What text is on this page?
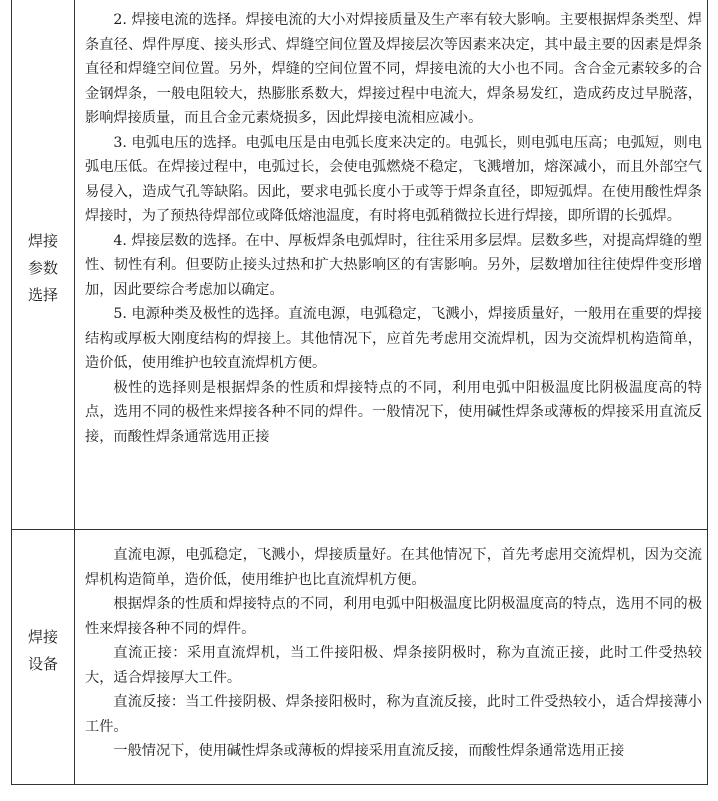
焊接
参数
选择

2. 焊接电流的选择。焊接电流的大小对焊接质量及生产率有较大影响。主要根据焊条类型、焊条直径、焊件厚度、接头形式、焊缝空间位置及焊接层次等因素来决定，其中最主要的因素是焊条直径和焊缝空间位置。另外，焊缝的空间位置不同，焊接电流的大小也不同。含合金元素较多的合金钢焊条，一般电阻较大，热膨胀系数大，焊接过程中电流大，焊条易发红，造成药皮过早脱落，影响焊接质量，而且合金元素烧损多，因此焊接电流相应减小。

3. 电弧电压的选择。电弧电压是由电弧长度来决定的。电弧长，则电弧电压高；电弧短，则电弧电压低。在焊接过程中，电弧过长，会使电弧燃烧不稳定，飞溅增加，熔深减小，而且外部空气易侵入，造成气孔等缺陷。因此，要求电弧长度小于或等于焊条直径，即短弧焊。在使用酸性焊条焊接时，为了预热待焊部位或降低熔池温度，有时将电弧稍微拉长进行焊接，即所谓的长弧焊。

4. 焊接层数的选择。在中、厚板焊条电弧焊时，往往采用多层焊。层数多些，对提高焊缝的塑性、韧性有利。但要防止接头过热和扩大热影响区的有害影响。另外，层数增加往往使焊件变形增加，因此要综合考虑加以确定。

5. 电源种类及极性的选择。直流电源，电弧稳定，飞溅小，焊接质量好，一般用在重要的焊接结构或厚板大刚度结构的焊接上。其他情况下，应首先考虑用交流焊机，因为交流焊机构造简单，造价低，使用维护也较直流焊机方便。

极性的选择则是根据焊条的性质和焊接特点的不同，利用电弧中阳极温度比阴极温度高的特点，选用不同的极性来焊接各种不同的焊件。一般情况下，使用碱性焊条或薄板的焊接采用直流反接，而酸性焊条通常选用正接

焊接
设备

直流电源，电弧稳定，飞溅小，焊接质量好。在其他情况下，首先考虑用交流焊机，因为交流焊机构造简单，造价低，使用维护也比直流焊机方便。

根据焊条的性质和焊接特点的不同，利用电弧中阳极温度比阴极温度高的特点，选用不同的极性来焊接各种不同的焊件。

直流正接：采用直流焊机，当工件接阳极、焊条接阴极时，称为直流正接，此时工件受热较大，适合焊接厚大工件。

直流反接：当工件接阴极、焊条接阳极时，称为直流反接，此时工件受热较小，适合焊接薄小工件。

一般情况下，使用碱性焊条或薄板的焊接采用直流反接，而酸性焊条通常选用正接
